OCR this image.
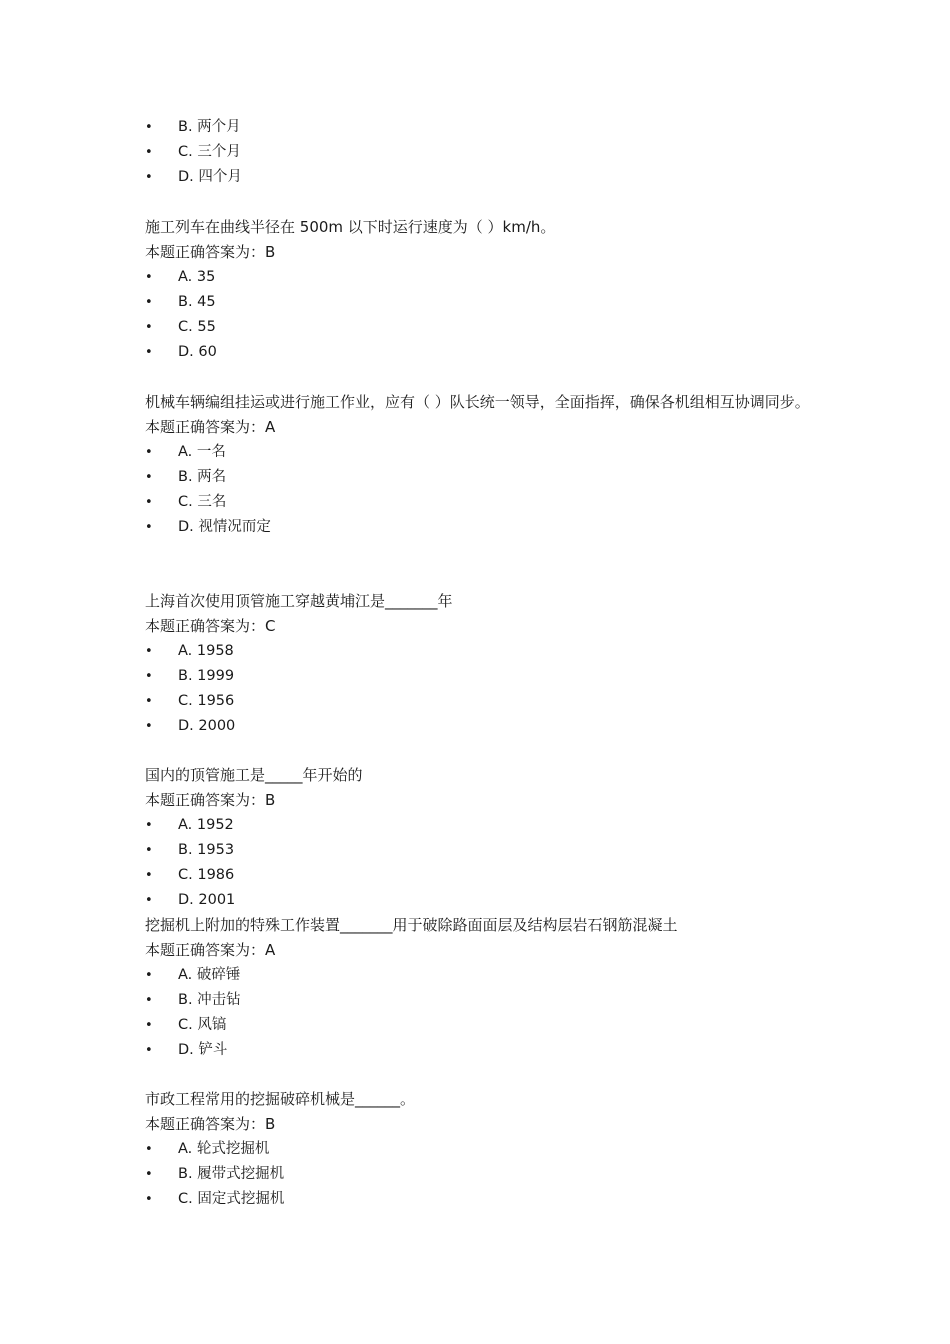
• B. 两个月
• C. 三个月
• D. 四个月
施工列车在曲线半径在 500m 以下时运行速度为（ ）km/h。
本题正确答案为：B
• A. 35
• B. 45
• C. 55
• D. 60
机械车辆编组挂运或进行施工作业，应有（ ）队长统一领导，全面指挥，确保各机组相互协调同步。
本题正确答案为：A
• A. 一名
• B. 两名
• C. 三名
• D. 视情况而定
上海首次使用顶管施工穿越黄埔江是_______年
本题正确答案为：C
• A. 1958
• B. 1999
• C. 1956
• D. 2000
国内的顶管施工是_____年开始的
本题正确答案为：B
• A. 1952
• B. 1953
• C. 1986
• D. 2001
挖掘机上附加的特殊工作装置_______用于破除路面面层及结构层岩石钢筋混凝土
本题正确答案为：A
• A. 破碎锤
• B. 冲击钻
• C. 风镐
• D. 铲斗
市政工程常用的挖掘破碎机械是______。
本题正确答案为：B
• A. 轮式挖掘机
• B. 履带式挖掘机
• C. 固定式挖掘机
